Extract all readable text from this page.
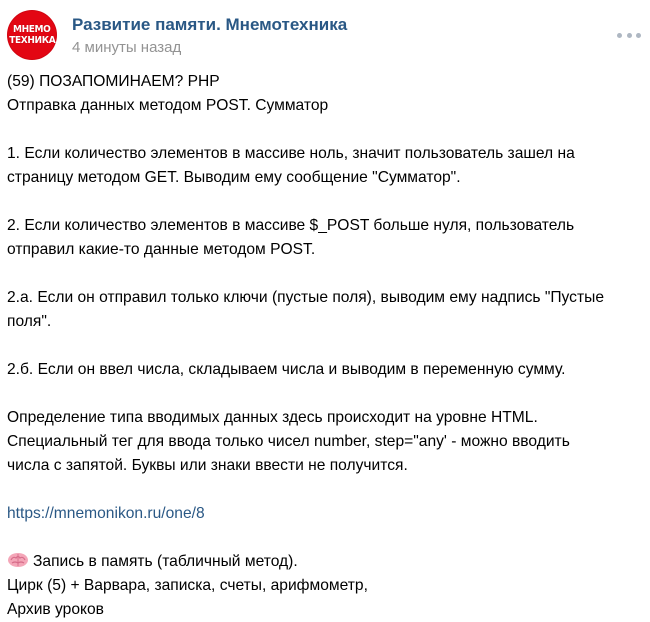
МНЕМО
ТЕХНИКА
Развитие памяти. Мнемотехника
4 минуты назад
(59) ПОЗАПОМИНАЕМ? PHP
Отправка данных методом POST. Сумматор
1. Если количество элементов в массиве ноль, значит пользователь зашел на
страницу методом GET. Выводим ему сообщение "Сумматор".
2. Если количество элементов в массиве $_POST больше нуля, пользователь
отправил какие-то данные методом POST.
2.а. Если он отправил только ключи (пустые поля), выводим ему надпись "Пустые
поля".
2.б. Если он ввел числа, складываем числа и выводим в переменную сумму.
Определение типа вводимых данных здесь происходит на уровне HTML.
Специальный тег для ввода только чисел number, step="any' - можно вводить
числа с запятой. Буквы или знаки ввести не получится.
https://mnemonikon.ru/one/8
Запись в память (табличный метод).
Цирк (5) + Варвара, записка, счеты, арифмометр,
Архив уроков
